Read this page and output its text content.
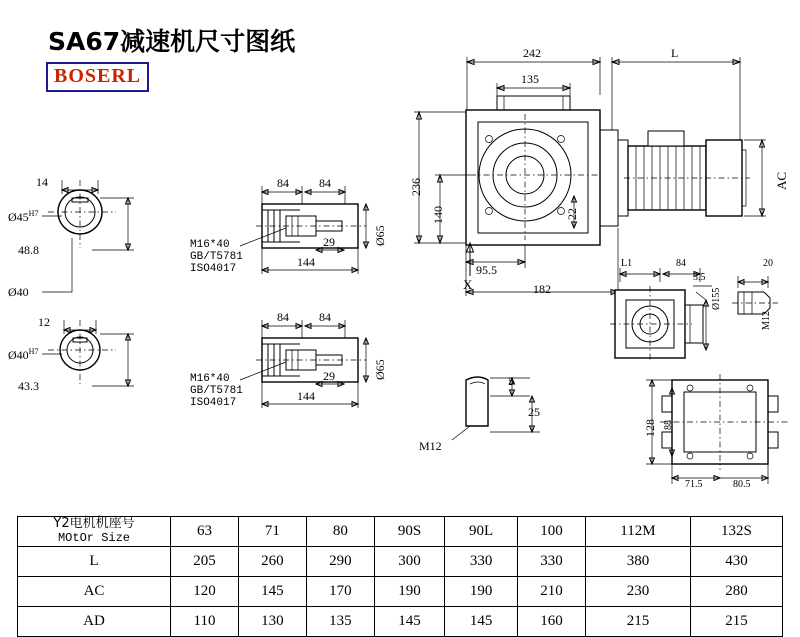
SA67减速机尺寸图纸
BOSERL
242	L
135
236
140	22
AC
95.5
182
X
L1	84
3.5
20
Ø155
M12
128 88
71.5	80.5
5
25
M12
84	84
29
144
Ø65
84	84
29
144
Ø65
M16*40
GB/T5781
ISO4017
M16*40
GB/T5781
ISO4017
14
$Ø45^{H7}$
48.8
Ø40
12
$Ø40^{H7}$
43.3
Y2电机机座号
MOtOr Size	63	71	80	90S	90L	100	112M	132S
L	205	260	290	300	330	330	380	430
AC	120	145	170	190	190	210	230	280
AD	110	130	135	145	145	160	215	215
